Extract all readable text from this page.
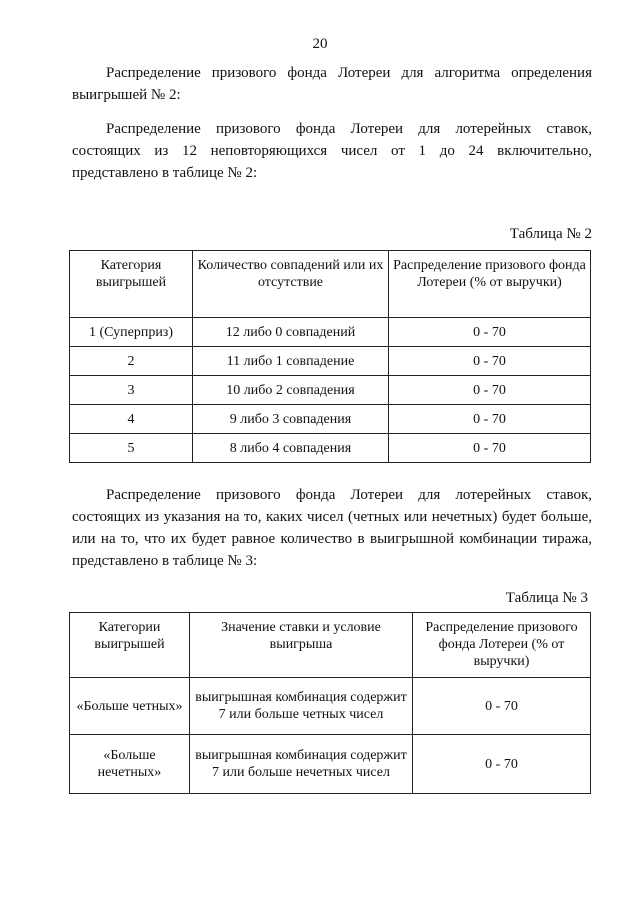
20

Распределение призового фонда Лотереи для алгоритма определения выигрышей № 2:

Распределение призового фонда Лотереи для лотерейных ставок, состоящих из 12 неповторяющихся чисел от 1 до 24 включительно, представлено в таблице № 2:

Таблица № 2
Категория выигрышей	Количество совпадений или их отсутствие	Распределение призового фонда Лотереи (% от выручки)
1 (Суперприз)	12 либо 0 совпадений	0 - 70
2	11 либо 1 совпадение	0 - 70
3	10 либо 2 совпадения	0 - 70
4	9 либо 3 совпадения	0 - 70
5	8 либо 4 совпадения	0 - 70

Распределение призового фонда Лотереи для лотерейных ставок, состоящих из указания на то, каких чисел (четных или нечетных) будет больше, или на то, что их будет равное количество в выигрышной комбинации тиража, представлено в таблице № 3:

Таблица № 3
Категории выигрышей	Значение ставки и условие выигрыша	Распределение призового фонда Лотереи (% от выручки)
«Больше четных»	выигрышная комбинация содержит 7 или больше четных чисел	0 - 70
«Больше нечетных»	выигрышная комбинация содержит 7 или больше нечетных чисел	0 - 70
